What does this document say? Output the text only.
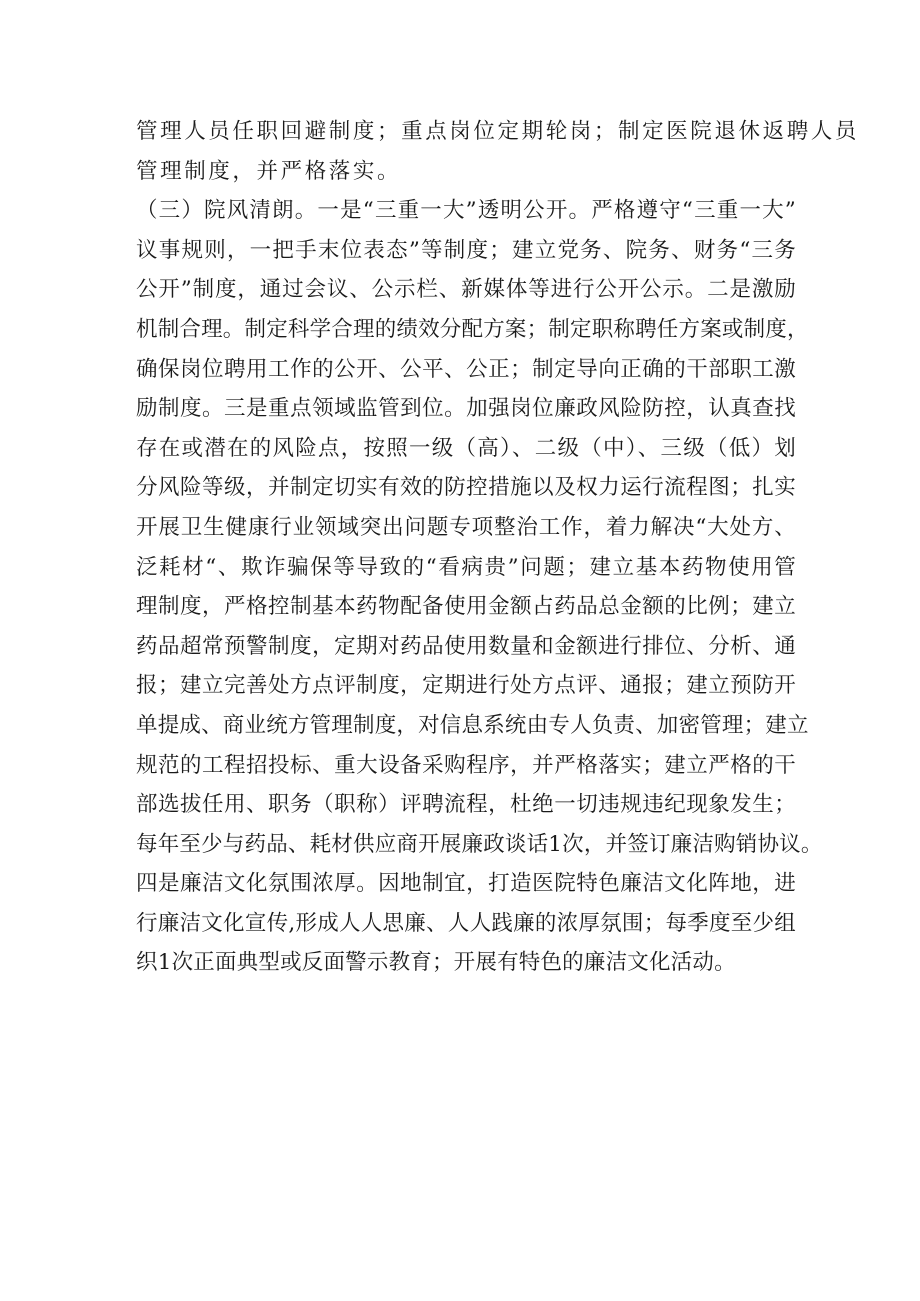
管理人员任职回避制度；重点岗位定期轮岗；制定医院退休返聘人员
管理制度，并严格落实。
（三）院风清朗。一是“三重一大”透明公开。严格遵守“三重一大”
议事规则，一把手末位表态”等制度；建立党务、院务、财务“三务
公开”制度，通过会议、公示栏、新媒体等进行公开公示。二是激励
机制合理。制定科学合理的绩效分配方案；制定职称聘任方案或制度，
确保岗位聘用工作的公开、公平、公正；制定导向正确的干部职工激
励制度。三是重点领域监管到位。加强岗位廉政风险防控，认真查找
存在或潜在的风险点，按照一级（高）、二级（中）、三级（低）划
分风险等级，并制定切实有效的防控措施以及权力运行流程图；扎实
开展卫生健康行业领域突出问题专项整治工作，着力解决“大处方、
泛耗材“、欺诈骗保等导致的“看病贵”问题；建立基本药物使用管
理制度，严格控制基本药物配备使用金额占药品总金额的比例；建立
药品超常预警制度，定期对药品使用数量和金额进行排位、分析、通
报；建立完善处方点评制度，定期进行处方点评、通报；建立预防开
单提成、商业统方管理制度，对信息系统由专人负责、加密管理；建立
规范的工程招投标、重大设备采购程序，并严格落实；建立严格的干
部选拔任用、职务（职称）评聘流程，杜绝一切违规违纪现象发生；
每年至少与药品、耗材供应商开展廉政谈话1次，并签订廉洁购销协议。
四是廉洁文化氛围浓厚。因地制宜，打造医院特色廉洁文化阵地，进
行廉洁文化宣传,形成人人思廉、人人践廉的浓厚氛围；每季度至少组
织1次正面典型或反面警示教育；开展有特色的廉洁文化活动。
